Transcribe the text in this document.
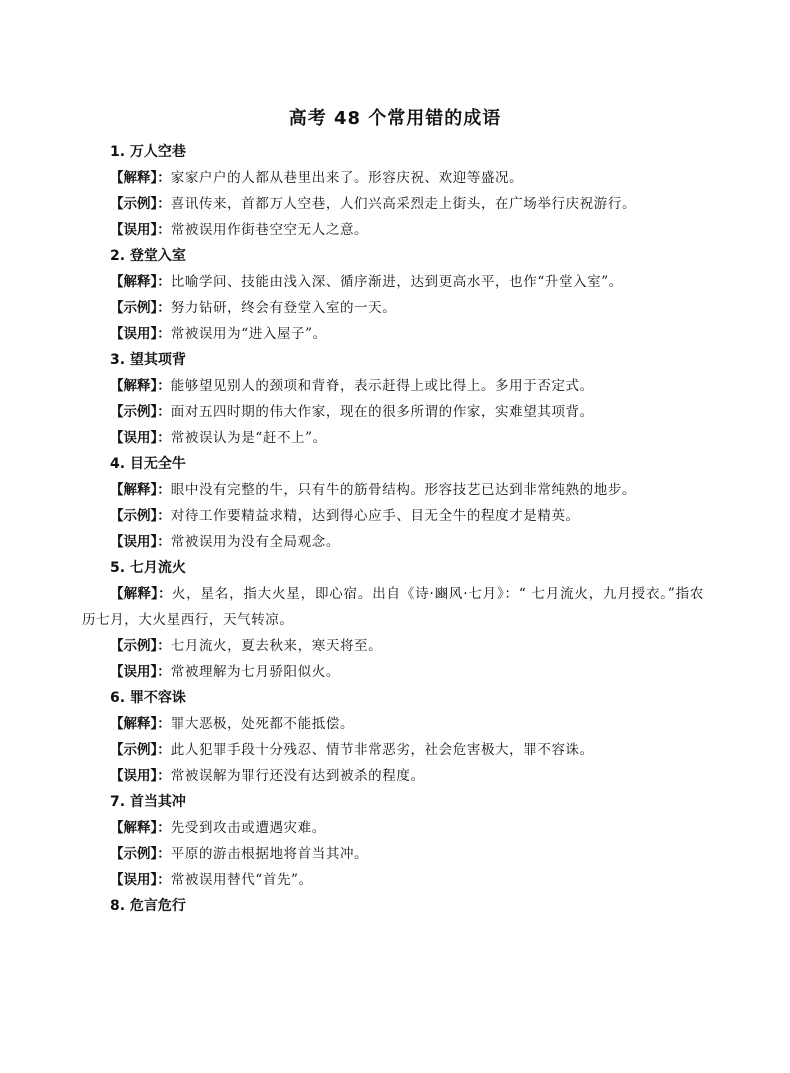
高考 48 个常用错的成语
1. 万人空巷

【解释】：家家户户的人都从巷里出来了。形容庆祝、欢迎等盛况。

【示例】：喜讯传来，首都万人空巷，人们兴高采烈走上街头，在广场举行庆祝游行。

【误用】：常被误用作街巷空空无人之意。

2. 登堂入室

【解释】：比喻学问、技能由浅入深、循序渐进，达到更高水平，也作“升堂入室”。

【示例】：努力钻研，终会有登堂入室的一天。

【误用】：常被误用为“进入屋子”。

3. 望其项背

【解释】：能够望见别人的颈项和背脊，表示赶得上或比得上。多用于否定式。

【示例】：面对五四时期的伟大作家，现在的很多所谓的作家，实难望其项背。

【误用】：常被误认为是“赶不上”。

4. 目无全牛

【解释】：眼中没有完整的牛，只有牛的筋骨结构。形容技艺已达到非常纯熟的地步。

【示例】：对待工作要精益求精，达到得心应手、目无全牛的程度才是精英。

【误用】：常被误用为没有全局观念。

5. 七月流火

【解释】：火，星名，指大火星，即心宿。出自《诗·豳风·七月》：“ 七月流火，九月授衣。”指农历七月，大火星西行，天气转凉。

【示例】：七月流火，夏去秋来，寒天将至。

【误用】：常被理解为七月骄阳似火。

6. 罪不容诛

【解释】：罪大恶极，处死都不能抵偿。

【示例】：此人犯罪手段十分残忍、情节非常恶劣，社会危害极大，罪不容诛。

【误用】：常被误解为罪行还没有达到被杀的程度。

7. 首当其冲

【解释】：先受到攻击或遭遇灾难。

【示例】：平原的游击根据地将首当其冲。

【误用】：常被误用替代“首先”。

8. 危言危行
